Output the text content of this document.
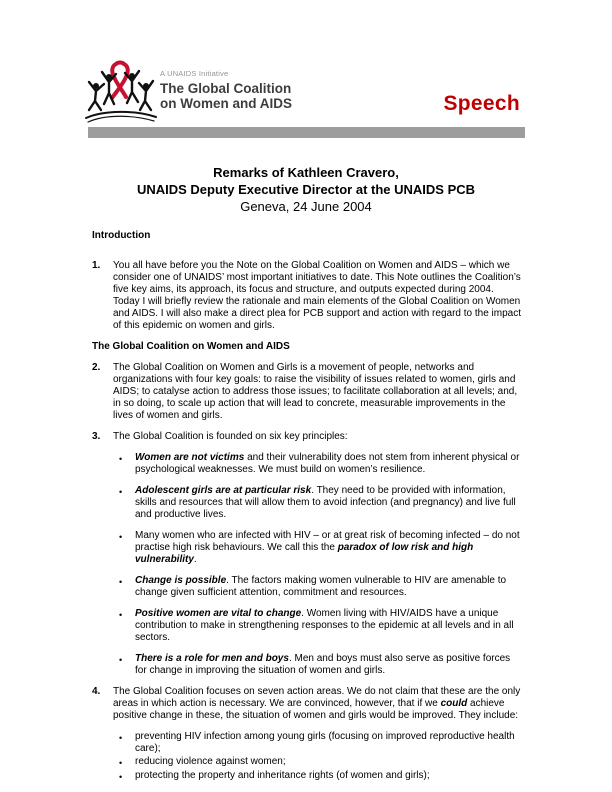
A UNAIDS Initiative
The Global Coalition
on Women and AIDS	Speech
Remarks of Kathleen Cravero,
UNAIDS Deputy Executive Director at the UNAIDS PCB
Geneva, 24 June 2004
Introduction
1.	You all have before you the Note on the Global Coalition on Women and AIDS – which we consider one of UNAIDS’ most important initiatives to date. This Note outlines the Coalition’s five key aims, its approach, its focus and structure, and outputs expected during 2004. Today I will briefly review the rationale and main elements of the Global Coalition on Women and AIDS. I will also make a direct plea for PCB support and action with regard to the impact of this epidemic on women and girls.
The Global Coalition on Women and AIDS
2.	The Global Coalition on Women and Girls is a movement of people, networks and organizations with four key goals: to raise the visibility of issues related to women, girls and AIDS; to catalyse action to address those issues; to facilitate collaboration at all levels; and, in so doing, to scale up action that will lead to concrete, measurable improvements in the lives of women and girls.
3.	The Global Coalition is founded on six key principles:
•	Women are not victims and their vulnerability does not stem from inherent physical or psychological weaknesses. We must build on women’s resilience.
•	Adolescent girls are at particular risk. They need to be provided with information, skills and resources that will allow them to avoid infection (and pregnancy) and live full and productive lives.
•	Many women who are infected with HIV – or at great risk of becoming infected – do not practise high risk behaviours. We call this the paradox of low risk and high vulnerability.
•	Change is possible. The factors making women vulnerable to HIV are amenable to change given sufficient attention, commitment and resources.
•	Positive women are vital to change. Women living with HIV/AIDS have a unique contribution to make in strengthening responses to the epidemic at all levels and in all sectors.
•	There is a role for men and boys. Men and boys must also serve as positive forces for change in improving the situation of women and girls.
4.	The Global Coalition focuses on seven action areas. We do not claim that these are the only areas in which action is necessary. We are convinced, however, that if we could achieve positive change in these, the situation of women and girls would be improved. They include:
•	preventing HIV infection among young girls (focusing on improved reproductive health care);
•	reducing violence against women;
•	protecting the property and inheritance rights (of women and girls);
